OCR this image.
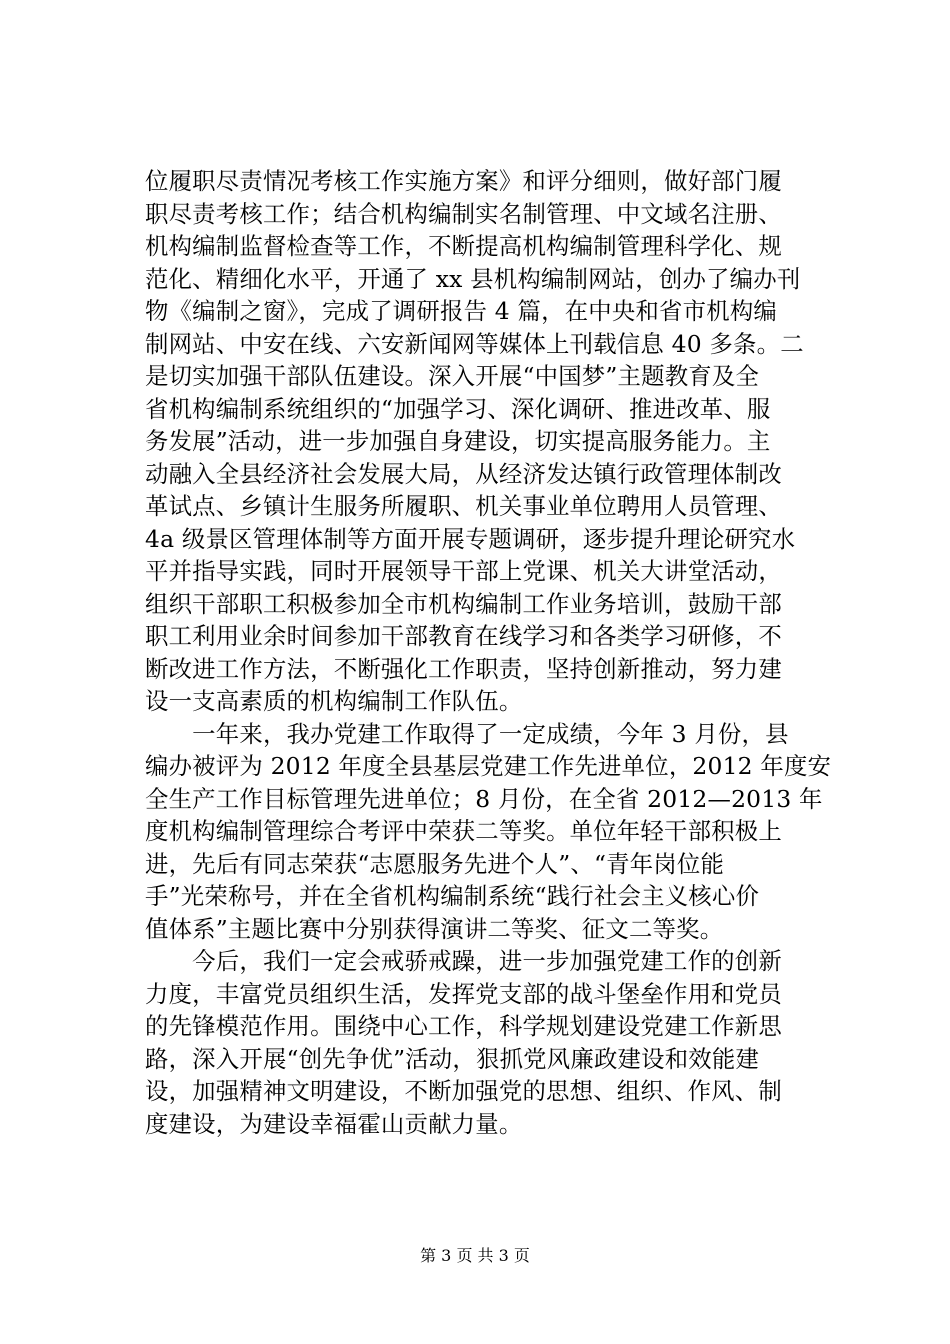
位履职尽责情况考核工作实施方案》和评分细则，做好部门履
职尽责考核工作；结合机构编制实名制管理、中文域名注册、
机构编制监督检查等工作，不断提高机构编制管理科学化、规
范化、精细化水平，开通了 xx 县机构编制网站，创办了编办刊
物《编制之窗》，完成了调研报告 4 篇，在中央和省市机构编
制网站、中安在线、六安新闻网等媒体上刊载信息 40 多条。二
是切实加强干部队伍建设。深入开展“中国梦”主题教育及全
省机构编制系统组织的“加强学习、深化调研、推进改革、服
务发展”活动，进一步加强自身建设，切实提高服务能力。主
动融入全县经济社会发展大局，从经济发达镇行政管理体制改
革试点、乡镇计生服务所履职、机关事业单位聘用人员管理、
4a 级景区管理体制等方面开展专题调研，逐步提升理论研究水
平并指导实践，同时开展领导干部上党课、机关大讲堂活动，
组织干部职工积极参加全市机构编制工作业务培训，鼓励干部
职工利用业余时间参加干部教育在线学习和各类学习研修，不
断改进工作方法，不断强化工作职责，坚持创新推动，努力建
设一支高素质的机构编制工作队伍。
　　一年来，我办党建工作取得了一定成绩，今年 3 月份，县
编办被评为 2012 年度全县基层党建工作先进单位，2012 年度安
全生产工作目标管理先进单位；8 月份，在全省 2012—2013 年
度机构编制管理综合考评中荣获二等奖。单位年轻干部积极上
进，先后有同志荣获“志愿服务先进个人”、“青年岗位能
手”光荣称号，并在全省机构编制系统“践行社会主义核心价
值体系”主题比赛中分别获得演讲二等奖、征文二等奖。
　　今后，我们一定会戒骄戒躁，进一步加强党建工作的创新
力度，丰富党员组织生活，发挥党支部的战斗堡垒作用和党员
的先锋模范作用。围绕中心工作，科学规划建设党建工作新思
路，深入开展“创先争优”活动，狠抓党风廉政建设和效能建
设，加强精神文明建设，不断加强党的思想、组织、作风、制
度建设，为建设幸福霍山贡献力量。
第 3 页 共 3 页
